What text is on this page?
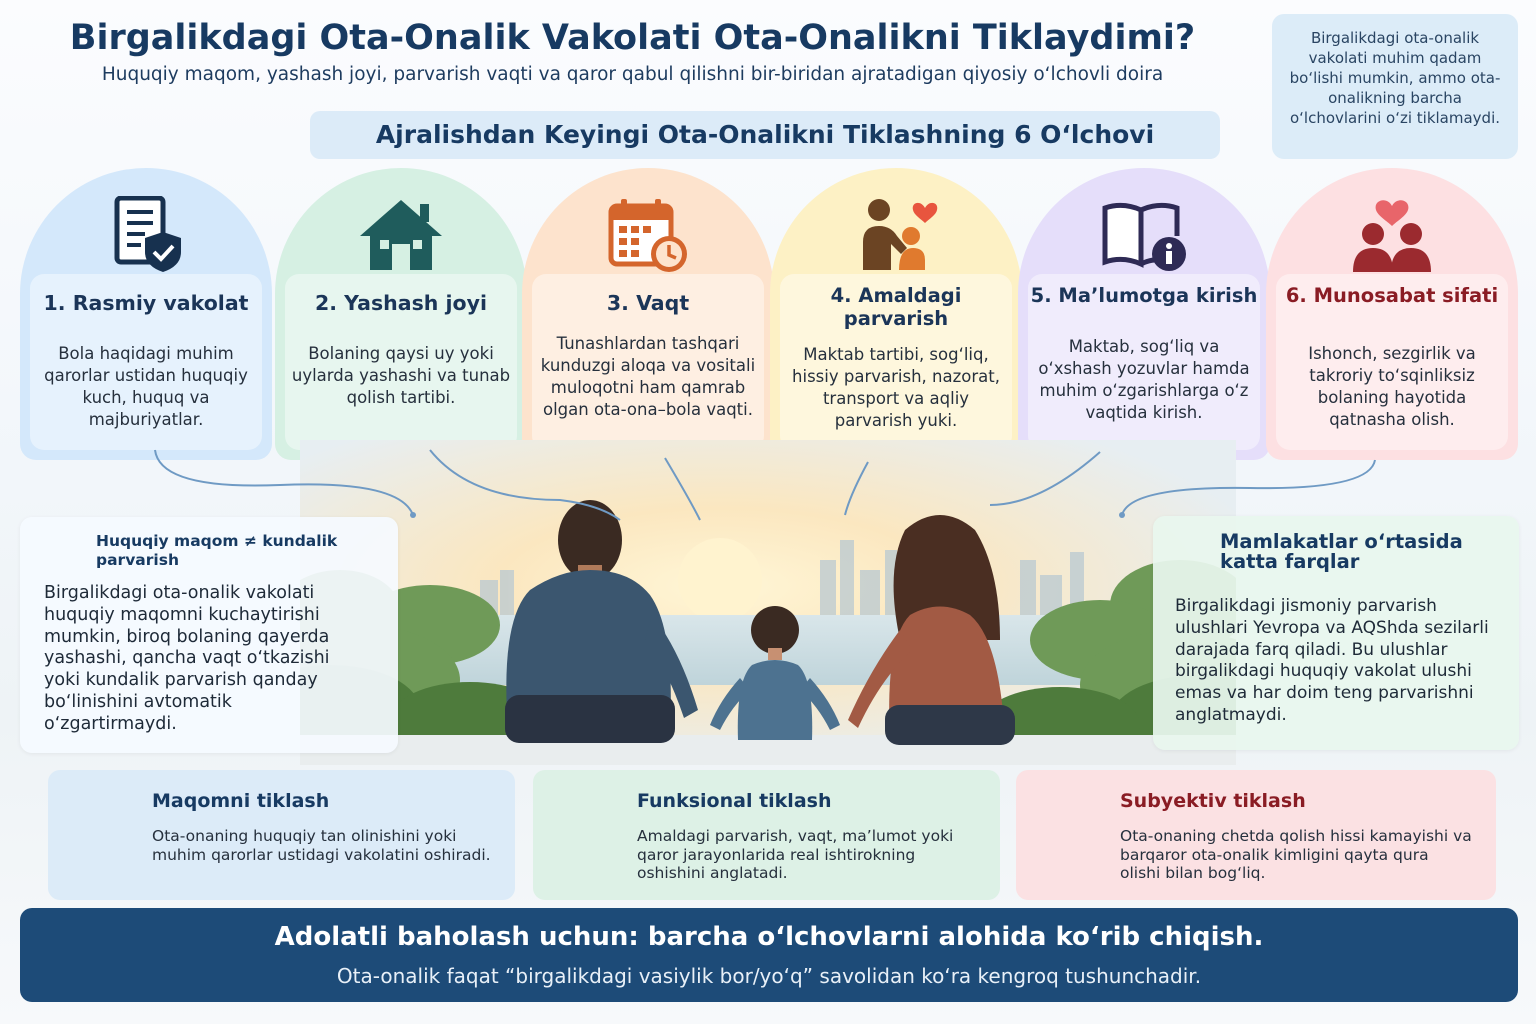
Birgalikdagi Ota-Onalik Vakolati Ota-Onalikni Tiklaydimi?
Huquqiy maqom, yashash joyi, parvarish vaqti va qaror qabul qilishni bir-biridan ajratadigan qiyosiy o‘lchovli doira
Ajralishdan Keyingi Ota-Onalikni Tiklashning 6 O‘lchovi
Birgalikdagi ota-onalik vakolati muhim qadam bo‘lishi mumkin, ammo ota-onalikning barcha o‘lchovlarini o‘zi tiklamaydi.
1. Rasmiy vakolat
Bola haqidagi muhim qarorlar ustidan huquqiy kuch, huquq va majburiyatlar.
2. Yashash joyi
Bolaning qaysi uy yoki uylarda yashashi va tunab qolish tartibi.
3. Vaqt
Tunashlardan tashqari kunduzgi aloqa va vositali muloqotni ham qamrab olgan ota-ona–bola vaqti.
4. Amaldagi parvarish
Maktab tartibi, sog‘liq, hissiy parvarish, nazorat, transport va aqliy parvarish yuki.
5. Ma’lumotga kirish
Maktab, sog‘liq va o‘xshash yozuvlar hamda muhim o‘zgarishlarga o‘z vaqtida kirish.
6. Munosabat sifati
Ishonch, sezgirlik va takroriy to‘sqinliksiz bolaning hayotida qatnasha olish.
Huquqiy maqom ≠ kundalik parvarish
Birgalikdagi ota-onalik vakolati huquqiy maqomni kuchaytirishi mumkin, biroq bolaning qayerda yashashi, qancha vaqt o‘tkazishi yoki kundalik parvarish qanday bo‘linishini avtomatik o‘zgartirmaydi.
Mamlakatlar o‘rtasida katta farqlar
Birgalikdagi jismoniy parvarish ulushlari Yevropa va AQShda sezilarli darajada farq qiladi. Bu ulushlar birgalikdagi huquqiy vakolat ulushi emas va har doim teng parvarishni anglatmaydi.
Maqomni tiklash
Ota-onaning huquqiy tan olinishini yoki muhim qarorlar ustidagi vakolatini oshiradi.
Funksional tiklash
Amaldagi parvarish, vaqt, ma’lumot yoki qaror jarayonlarida real ishtirokning oshishini anglatadi.
Subyektiv tiklash
Ota-onaning chetda qolish hissi kamayishi va barqaror ota-onalik kimligini qayta qura olishi bilan bog‘liq.
Adolatli baholash uchun: barcha o‘lchovlarni alohida ko‘rib chiqish.
Ota-onalik faqat “birgalikdagi vasiylik bor/yo‘q” savolidan ko‘ra kengroq tushunchadir.
